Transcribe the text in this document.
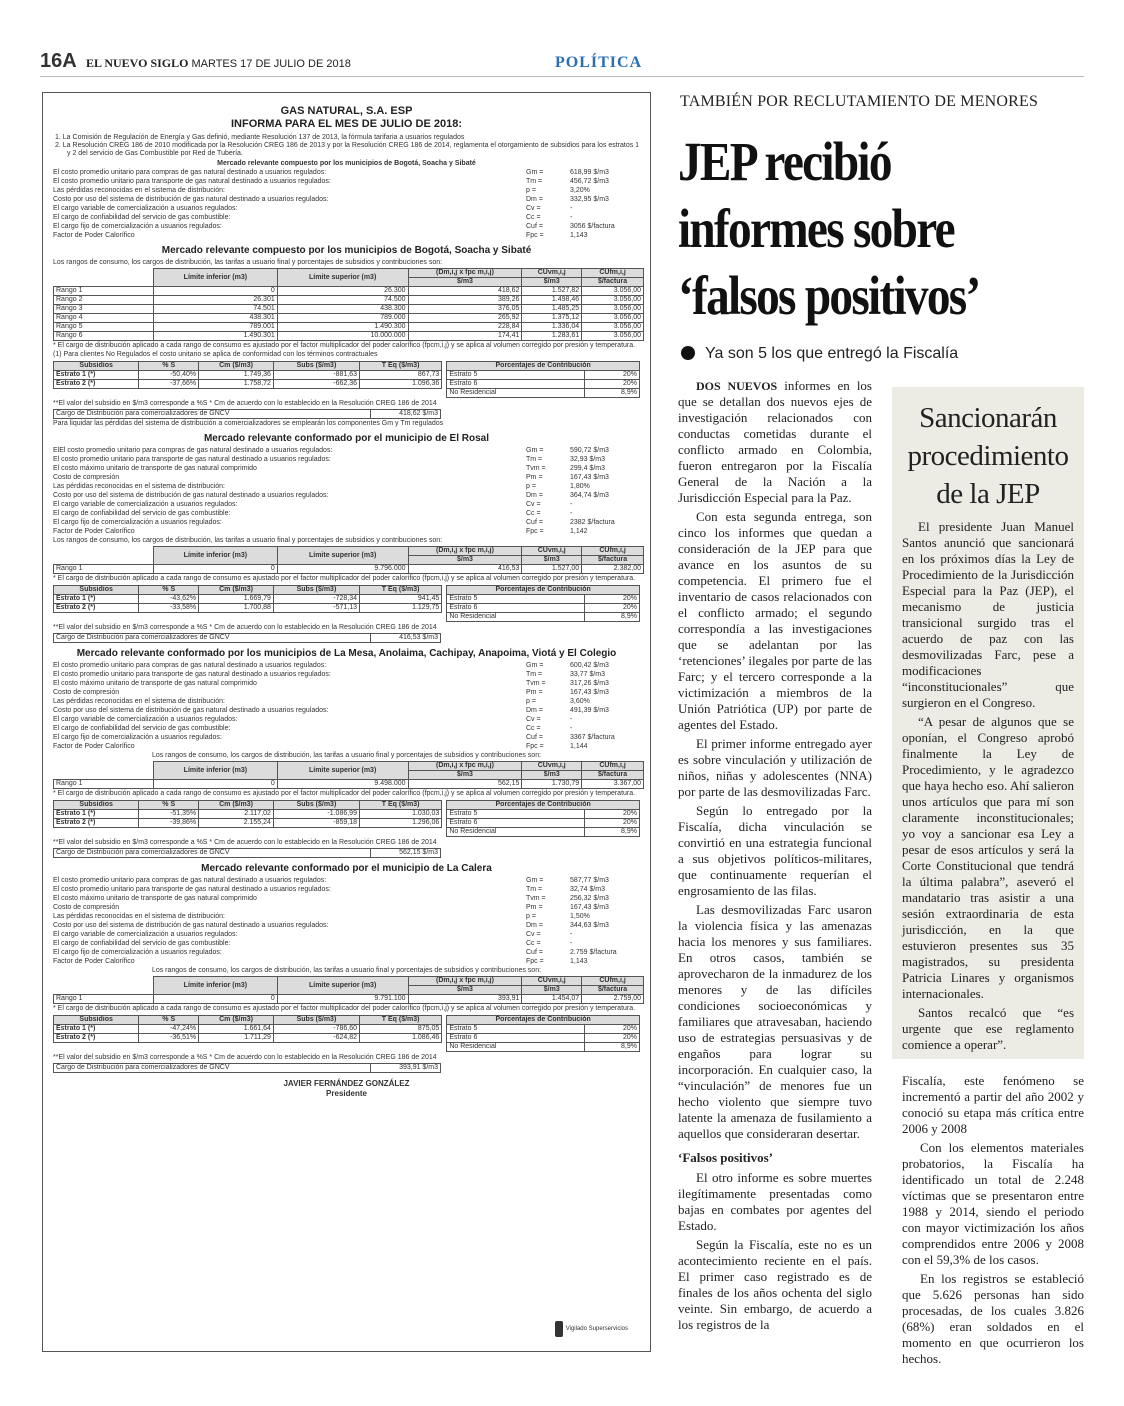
16A EL NUEVO SIGLO MARTES 17 DE JULIO DE 2018	POLÍTICA
GAS NATURAL, S.A. ESP
INFORMA PARA EL MES DE JULIO DE 2018:

1. La Comisión de Regulación de Energía y Gas definió, mediante Resolución 137 de 2013, la fórmula tarifaria a usuarios regulados

2. La Resolución CREG 186 de 2010 modificada por la Resolución CREG 186 de 2013 y por la Resolución CREG 186 de 2014, reglamenta el otorgamiento de subsidios para los estratos 1 y 2 del servicio de Gas Combustible por Red de Tubería.

Mercado relevante compuesto por los municipios de Bogotá, Soacha y Sibaté
El costo promedio unitario para compras de gas natural destinado a usuarios regulados:	Gm =	618,99 $/m3
El costo promedio unitario para transporte de gas natural destinado a usuarios regulados:	Tm =	456,72 $/m3
Las pérdidas reconocidas en el sistema de distribución:	p =	3,20%
Costo por uso del sistema de distribución de gas natural destinado a usuarios regulados:	Dm =	332,95 $/m3
El cargo variable de comercialización a usuarios regulados:	Cv =	-
El cargo de confiabilidad del servicio de gas combustible:	Cc =	-
El cargo fijo de comercialización a usuarios regulados:	Cuf =	3056 $/factura
Factor de Poder Calorífico	Fpc =	1,143
Mercado relevante compuesto por los municipios de Bogotá, Soacha y Sibaté
Los rangos de consumo, los cargos de distribución, las tarifas a usuario final y porcentajes de subsidios y contribuciones son:
	Límite inferior (m3)	Límite superior (m3)	(Dm,i,j x fpc m,i,j)	CUvm,i,j	CUfm,i,j
			$/m3	$/m3	$/factura
Rango 1	0	26.300	418,62	1.527,82	3.056,00
Rango 2	26.301	74.500	389,26	1.498,46	3.056,00
Rango 3	74.501	438.300	376,05	1.485,25	3.056,00
Rango 4	438.301	789.000	265,92	1.375,12	3.056,00
Rango 5	789.001	1.490.300	228,84	1.336,04	3.056,00
Rango 6	1.490.301	10.000.000	174,41	1.283,61	3.056,00
* El cargo de distribución aplicado a cada rango de consumo es ajustado por el factor multiplicador del poder calorífico (fpcm,i,j) y se aplica al volumen corregido por presión y temperatura.
(1) Para clientes No Regulados el costo unitario se aplica de conformidad con los términos contractuales
Subsidios	% S	Cm ($/m3)	Subs ($/m3)	T Eq ($/m3)
Estrato 1 (*)	-50,40%	1.749,36	-881,63	867,73
Estrato 2 (*)	-37,66%	1.758,72	-662,36	1.096,36
Porcentajes de Contribución	
Estrato 5	20%
Estrato 6	20%
No Residencial	8,9%
**El valor del subsidio en $/m3 corresponde a %S * Cm de acuerdo con lo establecido en la Resolución CREG 186 de 2014
Cargo de Distribución para comercializadores de GNCV	418,62 $/m3
Para liquidar las pérdidas del sistema de distribución a comercializadores se emplearán los componentes Gm y Tm regulados
Mercado relevante conformado por el municipio de El Rosal
ElEl costo promedio unitario para compras de gas natural destinado a usuarios regulados:	Gm =	590,72 $/m3
El costo promedio unitario para transporte de gas natural destinado a usuarios regulados:	Tm =	32,93 $/m3
El costo máximo unitario de transporte de gas natural comprimido	Tvm =	299,4 $/m3
Costo de compresión	Pm =	167,43 $/m3
Las pérdidas reconocidas en el sistema de distribución:	p =	1,80%
Costo por uso del sistema de distribución de gas natural destinado a usuarios regulados:	Dm =	364,74 $/m3
El cargo variable de comercialización a usuarios regulados:	Cv =	-
El cargo de confiabilidad del servicio de gas combustible:	Cc =	-
El cargo fijo de comercialización a usuarios regulados:	Cuf =	2382 $/factura
Factor de Poder Calorífico	Fpc =	1,142
Los rangos de consumo, los cargos de distribución, las tarifas a usuario final y porcentajes de subsidios y contribuciones son:
	Límite inferior (m3)	Límite superior (m3)	(Dm,i,j x fpc m,i,j)	CUvm,i,j	CUfm,i,j
			$/m3	$/m3	$/factura
Rango 1	0	9.796.000	416,53	1.527,00	2.382,00
* El cargo de distribución aplicado a cada rango de consumo es ajustado por el factor multiplicador del poder calorífico (fpcm,i,j) y se aplica al volumen corregido por presión y temperatura.
Subsidios	% S	Cm ($/m3)	Subs ($/m3)	T Eq ($/m3)
Estrato 1 (*)	-43,62%	1.669,79	-728,34	941,45
Estrato 2 (*)	-33,58%	1.700,88	-571,13	1.129,75
Porcentajes de Contribución	
Estrato 5	20%
Estrato 6	20%
No Residencial	8,9%
**El valor del subsidio en $/m3 corresponde a %S * Cm de acuerdo con lo establecido en la Resolución CREG 186 de 2014
Cargo de Distribución para comercializadores de GNCV	416,53 $/m3
Mercado relevante conformado por los municipios de La Mesa, Anolaima, Cachipay, Anapoima, Viotá y El Colegio
El costo promedio unitario para compras de gas natural destinado a usuarios regulados:	Gm =	600,42 $/m3
El costo promedio unitario para transporte de gas natural destinado a usuarios regulados:	Tm =	33,77 $/m3
El costo máximo unitario de transporte de gas natural comprimido	Tvm =	317,26 $/m3
Costo de compresión	Pm =	167,43 $/m3
Las pérdidas reconocidas en el sistema de distribución:	p =	3,60%
Costo por uso del sistema de distribución de gas natural destinado a usuarios regulados:	Dm =	491,39 $/m3
El cargo variable de comercialización a usuarios regulados:	Cv =	-
El cargo de confiabilidad del servicio de gas combustible:	Cc =	-
El cargo fijo de comercialización a usuarios regulados:	Cuf =	3367 $/factura
Factor de Poder Calorífico	Fpc =	1,144
Los rangos de consumo, los cargos de distribución, las tarifas a usuario final y porcentajes de subsidios y contribuciones son:
	Límite inferior (m3)	Límite superior (m3)	(Dm,i,j x fpc m,i,j)	CUvm,i,j	CUfm,i,j
			$/m3	$/m3	$/factura
Rango 1	0	9.498.000	562,15	1.730,79	3.367,00
* El cargo de distribución aplicado a cada rango de consumo es ajustado por el factor multiplicador del poder calorífico (fpcm,i,j) y se aplica al volumen corregido por presión y temperatura.
Subsidios	% S	Cm ($/m3)	Subs ($/m3)	T Eq ($/m3)
Estrato 1 (*)	-51,35%	2.117,02	-1.086,99	1.030,03
Estrato 2 (*)	-39,86%	2.155,24	-859,18	1.296,06
Porcentajes de Contribución	
Estrato 5	20%
Estrato 6	20%
No Residencial	8,9%
**El valor del subsidio en $/m3 corresponde a %S * Cm de acuerdo con lo establecido en la Resolución CREG 186 de 2014
Cargo de Distribución para comercializadores de GNCV	562,15 $/m3
Mercado relevante conformado por el municipio de La Calera
El costo promedio unitario para compras de gas natural destinado a usuarios regulados:	Gm =	587,77 $/m3
El costo promedio unitario para transporte de gas natural destinado a usuarios regulados:	Tm =	32,74 $/m3
El costo máximo unitario de transporte de gas natural comprimido	Tvm =	256,32 $/m3
Costo de compresión	Pm =	167,43 $/m3
Las pérdidas reconocidas en el sistema de distribución:	p =	1,50%
Costo por uso del sistema de distribución de gas natural destinado a usuarios regulados:	Dm =	344,63 $/m3
El cargo variable de comercialización a usuarios regulados:	Cv =	-
El cargo de confiabilidad del servicio de gas combustible:	Cc =	-
El cargo fijo de comercialización a usuarios regulados:	Cuf =	2.759 $/factura
Factor de Poder Calorífico	Fpc =	1,143
Los rangos de consumo, los cargos de distribución, las tarifas a usuario final y porcentajes de subsidios y contribuciones son:
	Límite inferior (m3)	Límite superior (m3)	(Dm,i,j x fpc m,i,j)	CUvm,i,j	CUfm,i,j
			$/m3	$/m3	$/factura
Rango 1	0	9.791.100	393,91	1.454,07	2.759,00
* El cargo de distribución aplicado a cada rango de consumo es ajustado por el factor multiplicador del poder calorífico (fpcm,i,j) y se aplica al volumen corregido por presión y temperatura.
Subsidios	% S	Cm ($/m3)	Subs ($/m3)	T Eq ($/m3)
Estrato 1 (*)	-47,24%	1.661,64	-786,60	875,05
Estrato 2 (*)	-36,51%	1.711,29	-624,82	1.086,46
Porcentajes de Contribución	
Estrato 5	20%
Estrato 6	20%
No Residencial	8,9%
**El valor del subsidio en $/m3 corresponde a %S * Cm de acuerdo con lo establecido en la Resolución CREG 186 de 2014
Cargo de Distribución para comercializadores de GNCV	393,91 $/m3
JAVIER FERNÁNDEZ GONZÁLEZ
Presidente
Vigilado Superservicios
TAMBIÉN POR RECLUTAMIENTO DE MENORES
JEP recibió informes sobre ‘falsos positivos’
Ya son 5 los que entregó la Fiscalía

DOS NUEVOS informes en los que se detallan dos nuevos ejes de investigación relacionados con conductas cometidas durante el conflicto armado en Colombia, fueron entregaron por la Fiscalía General de la Nación a la Jurisdicción Especial para la Paz.

Con esta segunda entrega, son cinco los informes que quedan a consideración de la JEP para que avance en los asuntos de su competencia. El primero fue el inventario de casos relacionados con el conflicto armado; el segundo correspondía a las investigaciones que se adelantan por las ‘retenciones’ ilegales por parte de las Farc; y el tercero corresponde a la victimización a miembros de la Unión Patriótica (UP) por parte de agentes del Estado.

El primer informe entregado ayer es sobre vinculación y utilización de niños, niñas y adolescentes (NNA) por parte de las desmovilizadas Farc.

Según lo entregado por la Fiscalía, dicha vinculación se convirtió en una estrategia funcional a sus objetivos políticos-militares, que continuamente requerían el engrosamiento de las filas.

Las desmovilizadas Farc usaron la violencia física y las amenazas hacia los menores y sus familiares. En otros casos, también se aprovecharon de la inmadurez de los menores y de las difíciles condiciones socioeconómicas y familiares que atravesaban, haciendo uso de estrategias persuasivas y de engaños para lograr su incorporación. En cualquier caso, la “vinculación” de menores fue un hecho violento que siempre tuvo latente la amenaza de fusilamiento a aquellos que consideraran desertar.

‘Falsos positivos’

El otro informe es sobre muertes ilegítimamente presentadas como bajas en combates por agentes del Estado.

Según la Fiscalía, este no es un acontecimiento reciente en el país. El primer caso registrado es de finales de los años ochenta del siglo veinte. Sin embargo, de acuerdo a los registros de la

Sancionarán procedimiento de la JEP

El presidente Juan Manuel Santos anunció que sancionará en los próximos días la Ley de Procedimiento de la Jurisdicción Especial para la Paz (JEP), el mecanismo de justicia transicional surgido tras el acuerdo de paz con las desmovilizadas Farc, pese a modificaciones “inconstitucionales” que surgieron en el Congreso.

“A pesar de algunos que se oponían, el Congreso aprobó finalmente la Ley de Procedimiento, y le agradezco que haya hecho eso. Ahí salieron unos artículos que para mí son claramente inconstitucionales; yo voy a sancionar esa Ley a pesar de esos artículos y será la Corte Constitucional que tendrá la última palabra”, aseveró el mandatario tras asistir a una sesión extraordinaria de esta jurisdicción, en la que estuvieron presentes sus 35 magistrados, su presidenta Patricia Linares y organismos internacionales.

Santos recalcó que “es urgente que ese reglamento comience a operar”.

Fiscalía, este fenómeno se incrementó a partir del año 2002 y conoció su etapa más crítica entre 2006 y 2008

Con los elementos materiales probatorios, la Fiscalía ha identificado un total de 2.248 víctimas que se presentaron entre 1988 y 2014, siendo el periodo con mayor victimización los años comprendidos entre 2006 y 2008 con el 59,3% de los casos.

En los registros se estableció que 5.626 personas han sido procesadas, de los cuales 3.826 (68%) eran soldados en el momento en que ocurrieron los hechos.
